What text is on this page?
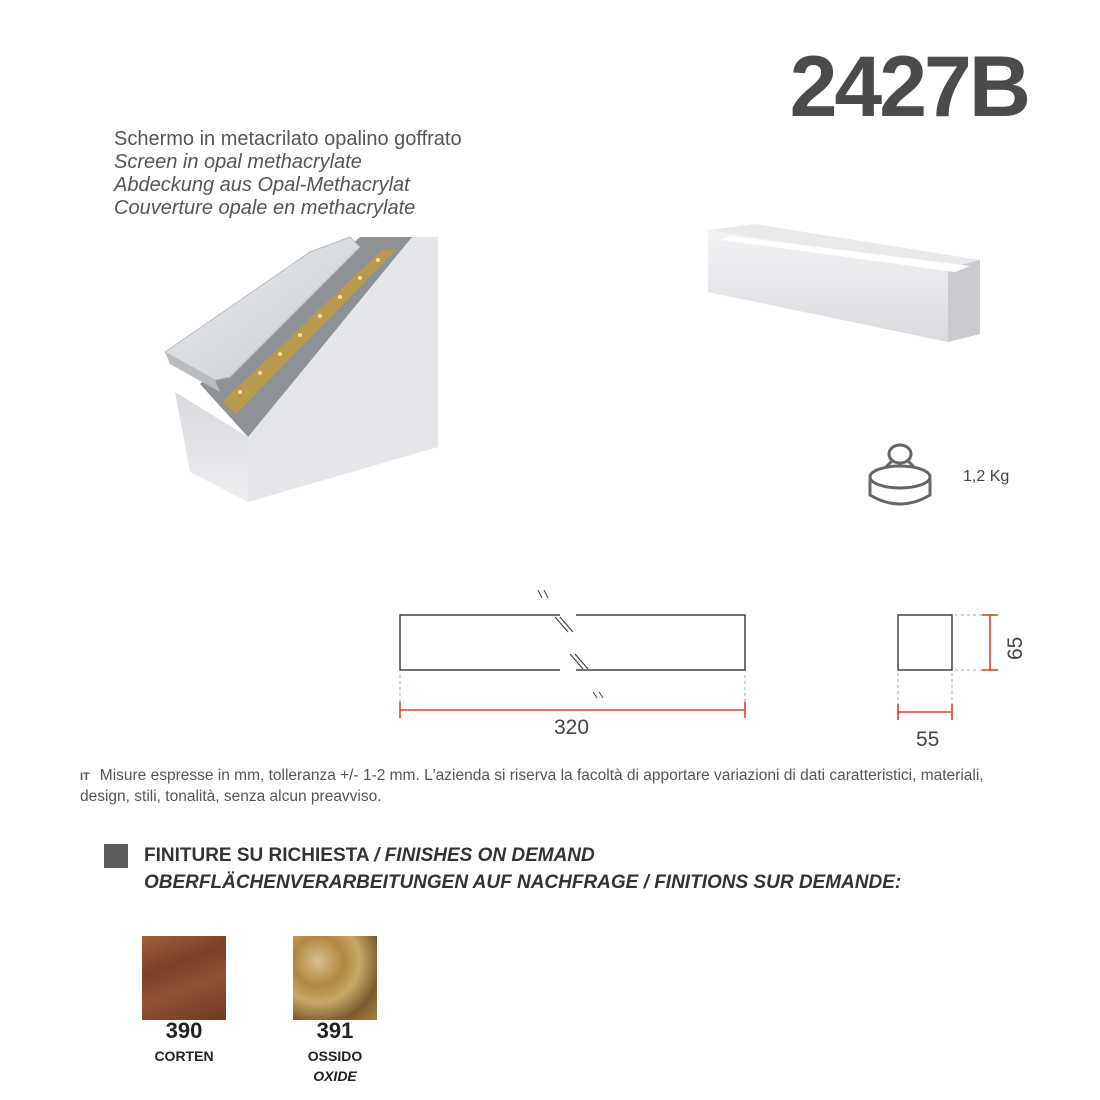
2427B
Schermo in metacrilato opalino goffrato
Screen in opal methacrylate
Abdeckung aus Opal-Methacrylat
Couverture opale en methacrylate
1,2 Kg
320
65
55
IT Misure espresse in mm, tolleranza +/- 1-2 mm. L'azienda si riserva la facoltà di apportare variazioni di dati caratteristici, materiali, design, stili, tonalità, senza alcun preavviso.
FINITURE SU RICHIESTA / FINISHES ON DEMAND
OBERFLÄCHENVERARBEITUNGEN AUF NACHFRAGE / FINITIONS SUR DEMANDE:
390
CORTEN
391
OSSIDO
OXIDE
